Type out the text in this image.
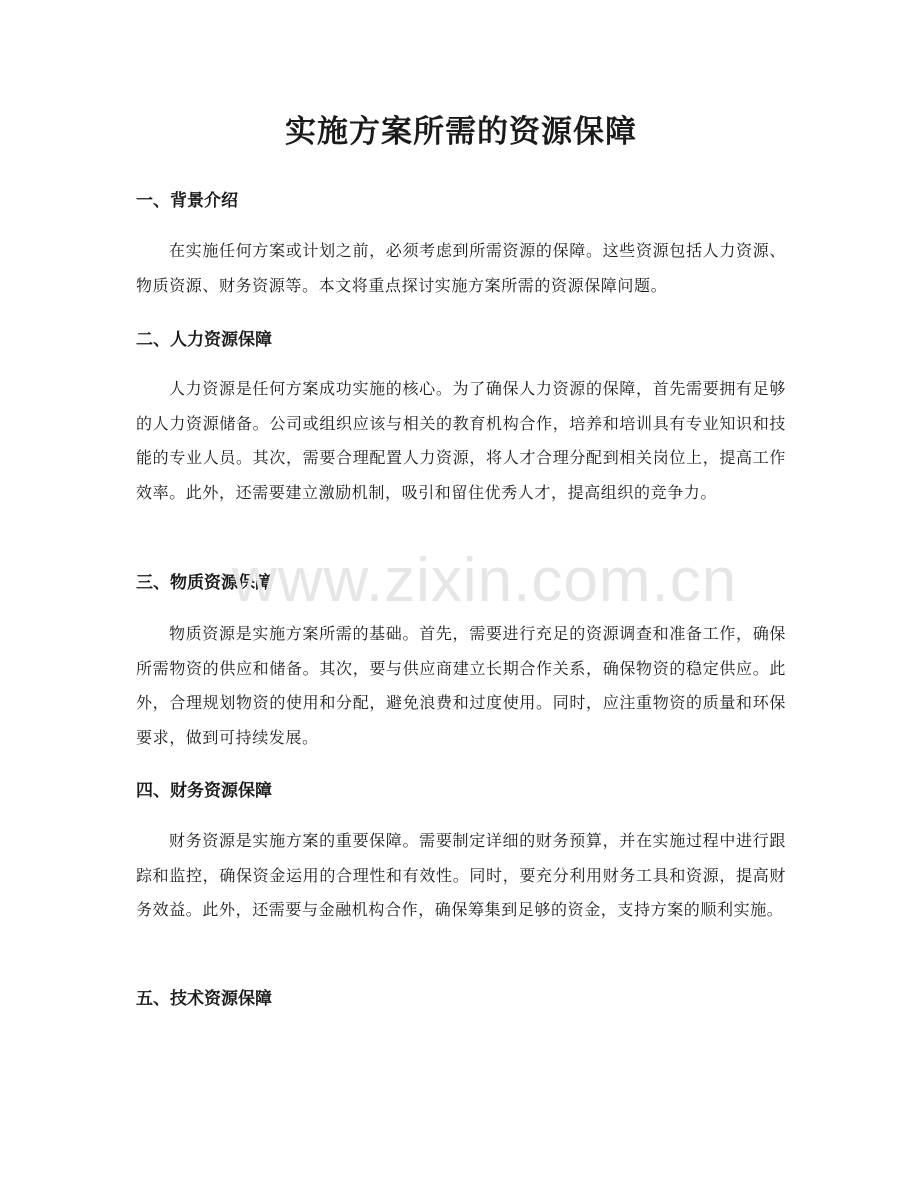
实施方案所需的资源保障
一、背景介绍

在实施任何方案或计划之前，必须考虑到所需资源的保障。这些资源包括人力资源、物质资源、财务资源等。本文将重点探讨实施方案所需的资源保障问题。

二、人力资源保障

人力资源是任何方案成功实施的核心。为了确保人力资源的保障，首先需要拥有足够的人力资源储备。公司或组织应该与相关的教育机构合作，培养和培训具有专业知识和技能的专业人员。其次，需要合理配置人力资源，将人才合理分配到相关岗位上，提高工作效率。此外，还需要建立激励机制，吸引和留住优秀人才，提高组织的竞争力。

三、物质资源保障

物质资源是实施方案所需的基础。首先，需要进行充足的资源调查和准备工作，确保所需物资的供应和储备。其次，要与供应商建立长期合作关系，确保物资的稳定供应。此外，合理规划物资的使用和分配，避免浪费和过度使用。同时，应注重物资的质量和环保要求，做到可持续发展。

四、财务资源保障

财务资源是实施方案的重要保障。需要制定详细的财务预算，并在实施过程中进行跟踪和监控，确保资金运用的合理性和有效性。同时，要充分利用财务工具和资源，提高财务效益。此外，还需要与金融机构合作，确保筹集到足够的资金，支持方案的顺利实施。

五、技术资源保障
www.zixin.com.cn
